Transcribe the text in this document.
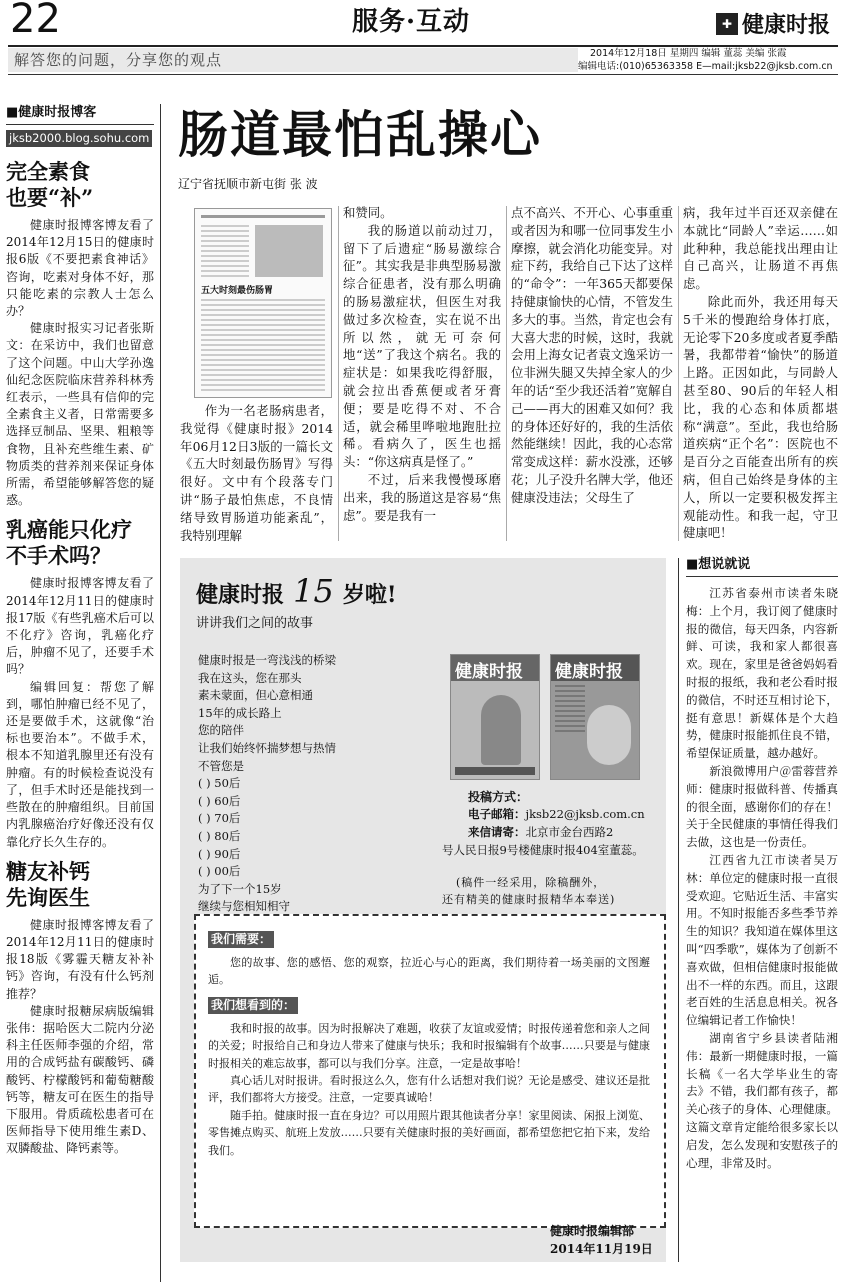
22	服务·互动	✚ 健康时报
解答您的问题，分享您的观点	2014年12月18日 星期四 编辑 董蕊 美编 张霞
编辑电话:(010)65363358 E—mail:jksb22@jksb.com.cn
■健康时报博客
jksb2000.blog.sohu.com
完全素食
也要“补”

健康时报博客博友看了2014年12月15日的健康时报6版《不要把素食神话》咨询，吃素对身体不好，那只能吃素的宗教人士怎么办？

健康时报实习记者张斯文：在采访中，我们也留意了这个问题。中山大学孙逸仙纪念医院临床营养科林秀红表示，一些具有信仰的完全素食主义者，日常需要多选择豆制品、坚果、粗粮等食物，且补充些维生素、矿物质类的营养剂来保证身体所需，希望能够解答您的疑惑。

乳癌能只化疗
不手术吗？

健康时报博客博友看了2014年12月11日的健康时报17版《有些乳癌术后可以不化疗》咨询，乳癌化疗后，肿瘤不见了，还要手术吗？

编辑回复：帮您了解到，哪怕肿瘤已经不见了，还是要做手术，这就像“治标也要治本”。不做手术，根本不知道乳腺里还有没有肿瘤。有的时候检查说没有了，但手术时还是能找到一些散在的肿瘤组织。目前国内乳腺癌治疗好像还没有仅靠化疗长久生存的。

糖友补钙
先询医生

健康时报博客博友看了2014年12月11日的健康时报18版《雾霾天糖友补补钙》咨询，有没有什么钙剂推荐？

健康时报糖尿病版编辑张伟：据哈医大二院内分泌科主任医师李强的介绍，常用的合成钙盐有碳酸钙、磷酸钙、柠檬酸钙和葡萄糖酸钙等，糖友可在医生的指导下服用。骨质疏松患者可在医师指导下使用维生素D、双膦酸盐、降钙素等。

肠道最怕乱操心
辽宁省抚顺市新屯街 张 波
五大时刻最伤肠胃

作为一名老肠病患者，我觉得《健康时报》2014年06月12日3版的一篇长文《五大时刻最伤肠胃》写得很好。文中有个段落专门讲“肠子最怕焦虑，不良情绪导致胃肠道功能紊乱”，我特别理解

和赞同。

我的肠道以前动过刀，留下了后遗症“肠易激综合征”。其实我是非典型肠易激综合征患者，没有那么明确的肠易激症状，但医生对我做过多次检查，实在说不出所以然，就无可奈何地“送”了我这个病名。我的症状是：如果我吃得舒服，就会拉出香蕉便或者牙膏便；要是吃得不对、不合适，就会稀里哗啦地跑肚拉稀。看病久了，医生也摇头：“你这病真是怪了。”

不过，后来我慢慢琢磨出来，我的肠道这是容易“焦虑”。要是我有一

点不高兴、不开心、心事重重或者因为和哪一位同事发生小摩擦，就会消化功能变异。对症下药，我给自己下达了这样的“命令”：一年365天都要保持健康愉快的心情，不管发生多大的事。当然，肯定也会有大喜大悲的时候，这时，我就会用上海女记者袁文逸采访一位非洲失腿又失掉全家人的少年的话“至少我还活着”宽解自己——再大的困难又如何？我的身体还好好的，我的生活依然能继续！因此，我的心态常常变成这样：薪水没涨，还够花；儿子没升名牌大学，他还健康没违法；父母生了

病，我年过半百还双亲健在本就比“同龄人”幸运……如此种种，我总能找出理由让自己高兴，让肠道不再焦虑。

除此而外，我还用每天5千米的慢跑给身体打底，无论零下20多度或者夏季酷暑，我都带着“愉快”的肠道上路。正因如此，与同龄人甚至80、90后的年轻人相比，我的心态和体质都堪称“满意”。至此，我也给肠道疾病“正个名”：医院也不是百分之百能查出所有的疾病，但自己始终是身体的主人，所以一定要积极发挥主观能动性。和我一起，守卫健康吧！

健康时报 15 岁啦!
讲讲我们之间的故事

健康时报是一弯浅浅的桥梁

我在这头，您在那头

素未蒙面，但心意相通

15年的成长路上

您的陪伴

让我们始终怀揣梦想与热情

不管您是

( ) 50后

( ) 60后

( ) 70后

( ) 80后

( ) 90后

( ) 00后

为了下一个15岁

继续与您相知相守

健康时报 健康时报
投稿方式：
电子邮箱：jksb22@jksb.com.cn
来信请寄：北京市金台西路2
号人民日报9号楼健康时报404室董蕊。
(稿件一经采用，除稿酬外，
还有精美的健康时报精华本奉送)
我们需要：

您的故事、您的感悟、您的观察，拉近心与心的距离，我们期待着一场美丽的文图邂逅。

我们想看到的：

我和时报的故事。因为时报解决了难题，收获了友谊或爱情；时报传递着您和亲人之间的关爱；时报给自己和身边人带来了健康与快乐；我和时报编辑有个故事……只要是与健康时报相关的难忘故事，都可以与我们分享。注意，一定是故事哈！

真心话儿对时报讲。看时报这么久，您有什么话想对我们说？无论是感受、建议还是批评，我们都将大方接受。注意，一定要真诚哈！

随手拍。健康时报一直在身边？可以用照片跟其他读者分享！家里阅读、闲报上浏览、零售摊点购买、航班上发放……只要有关健康时报的美好画面，都希望您把它拍下来，发给我们。

健康时报编辑部
2014年11月19日
■想说就说

江苏省泰州市读者朱晓梅：上个月，我订阅了健康时报的微信，每天四条，内容新鲜、可读，我和家人都很喜欢。现在，家里是爸爸妈妈看时报的报纸，我和老公看时报的微信，不时还互相讨论下，挺有意思！新媒体是个大趋势，健康时报能抓住良不错，希望保证质量，越办越好。

新浪微博用户＠雷蓉营养师：健康时报做科普、传播真的很全面，感谢你们的存在！关于全民健康的事情任得我们去做，这也是一份责任。

江西省九江市读者吴万林：单位定的健康时报一直很受欢迎。它贴近生活、丰富实用。不知时报能否多些季节养生的知识？我知道在媒体里这叫“四季歌”，媒体为了创新不喜欢做，但相信健康时报能做出不一样的东西。而且，这跟老百姓的生活息息相关。祝各位编辑记者工作愉快！

湖南省宁乡县读者陆湘伟：最新一期健康时报，一篇长稿《一名大学毕业生的寄去》不错，我们都有孩子，都关心孩子的身体、心理健康。这篇文章肯定能给很多家长以启发，怎么发现和安慰孩子的心理，非常及时。
